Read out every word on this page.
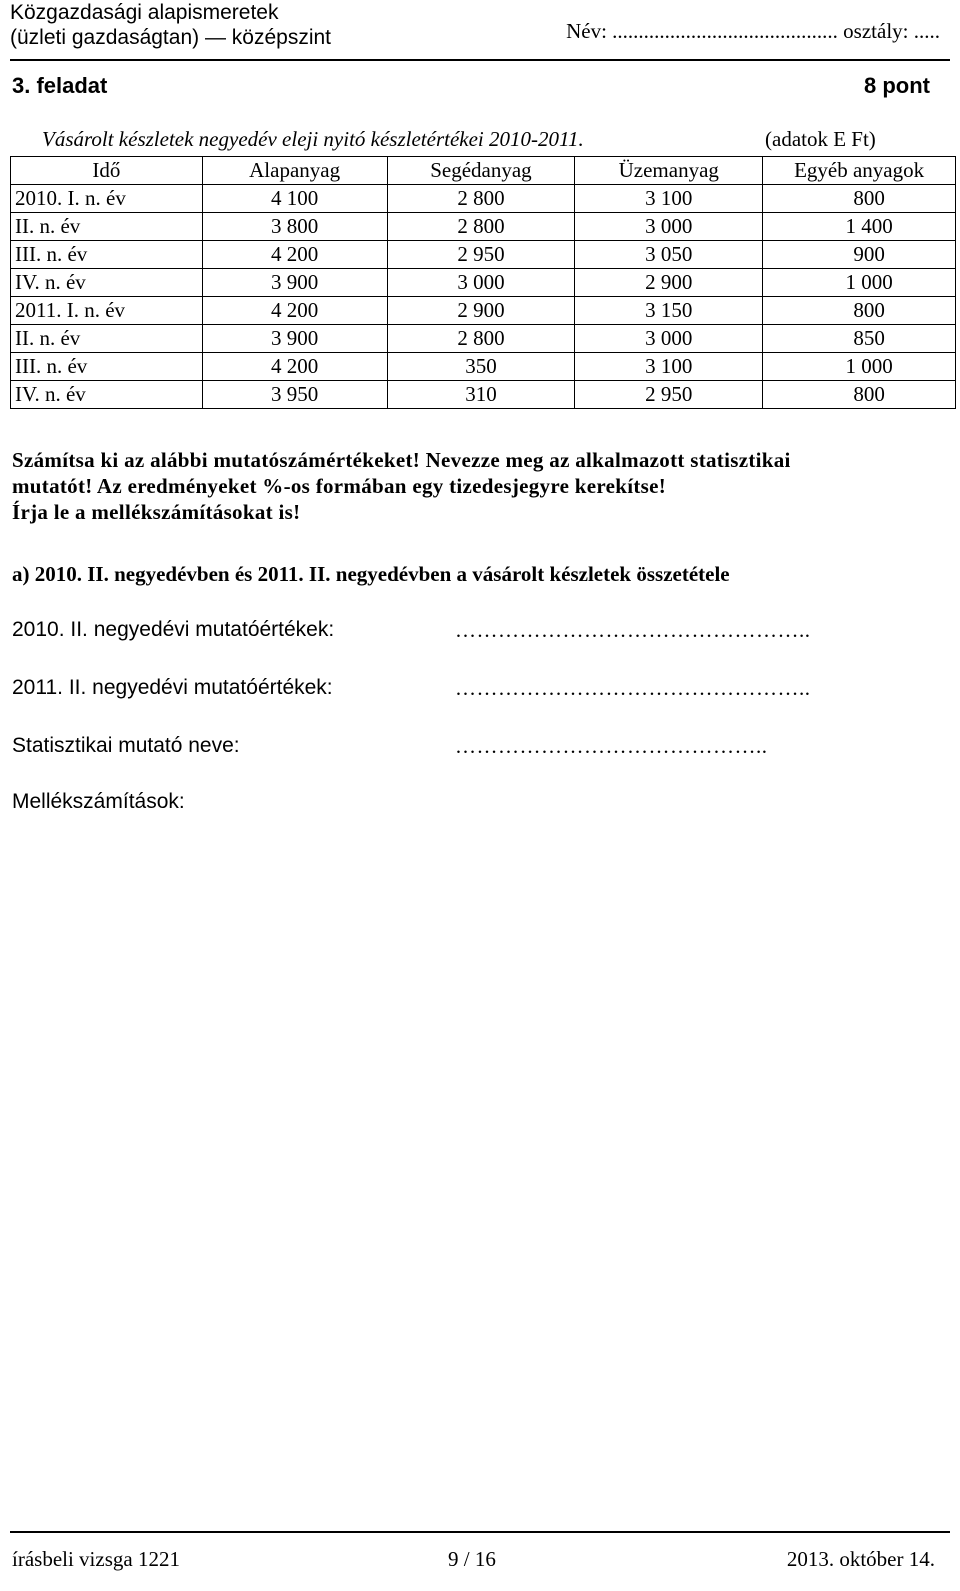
Közgazdasági alapismeretek
(üzleti gazdaságtan) — középszint	Név: ........................................... osztály: .....
3. feladat	8 pont
Vásárolt készletek negyedév eleji nyitó készletértékei 2010-2011.	(adatok E Ft)
Idő	Alapanyag	Segédanyag	Üzemanyag	Egyéb anyagok
2010. I. n. év	4 100	2 800	3 100	800
II. n. év	3 800	2 800	3 000	1 400
III. n. év	4 200	2 950	3 050	900
IV. n. év	3 900	3 000	2 900	1 000
2011. I. n. év	4 200	2 900	3 150	800
II. n. év	3 900	2 800	3 000	850
III. n. év	4 200	350	3 100	1 000
IV. n. év	3 950	310	2 950	800
Számítsa ki az alábbi mutatószámértékeket! Nevezze meg az alkalmazott statisztikai
mutatót! Az eredményeket %-os formában egy tizedesjegyre kerekítse!
Írja le a mellékszámításokat is!
a) 2010. II. negyedévben és 2011. II. negyedévben a vásárolt készletek összetétele
2010. II. negyedévi mutatóértékek:	…………………………………………..
2011. II. negyedévi mutatóértékek:	…………………………………………..
Statisztikai mutató neve:	……………………………………..
Mellékszámítások:
írásbeli vizsga 1221	9 / 16	2013. október 14.
